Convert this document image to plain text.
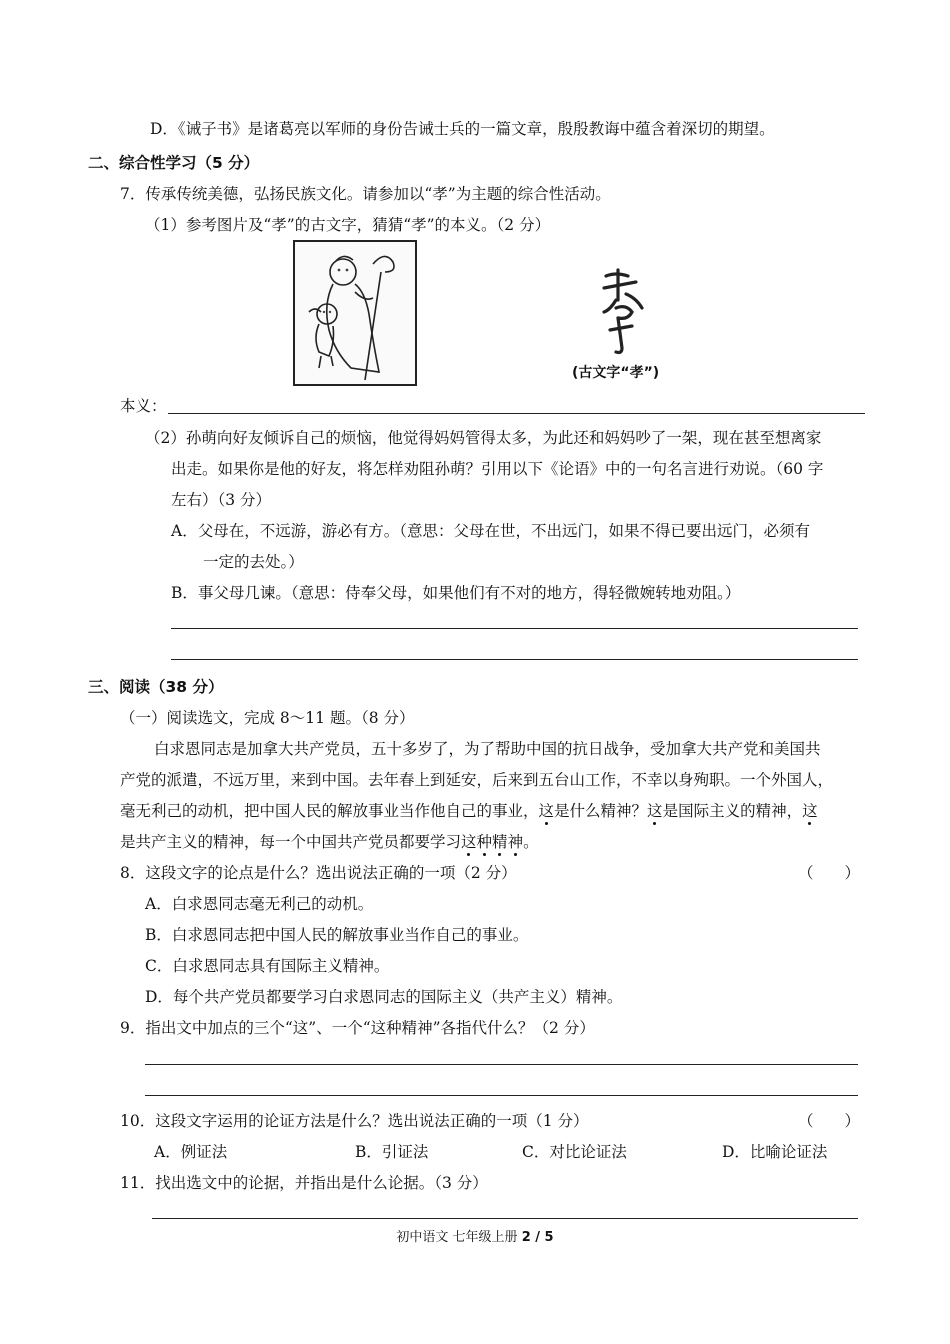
D．《诫子书》是诸葛亮以军师的身份告诫士兵的一篇文章，殷殷教诲中蕴含着深切的期望。
二、综合性学习（5 分）
7．传承传统美德，弘扬民族文化。请参加以“孝”为主题的综合性活动。
（1）参考图片及“孝”的古文字，猜猜“孝”的本义。（2 分）
(古文字“孝”)
本义：
（2）孙萌向好友倾诉自己的烦恼，他觉得妈妈管得太多，为此还和妈妈吵了一架，现在甚至想离家
出走。如果你是他的好友，将怎样劝阻孙萌？引用以下《论语》中的一句名言进行劝说。（60 字
左右）（3 分）
A．父母在，不远游，游必有方。（意思：父母在世，不出远门，如果不得已要出远门，必须有
一定的去处。）
B．事父母几谏。（意思：侍奉父母，如果他们有不对的地方，得轻微婉转地劝阻。）
三、阅读（38 分）
（一）阅读选文，完成 8～11 题。（8 分）
白求恩同志是加拿大共产党员，五十多岁了，为了帮助中国的抗日战争，受加拿大共产党和美国共
产党的派遣，不远万里，来到中国。去年春上到延安，后来到五台山工作，不幸以身殉职。一个外国人，
毫无利己的动机，把中国人民的解放事业当作他自己的事业，这是什么精神？这是国际主义的精神，这
是共产主义的精神，每一个中国共产党员都要学习这种精神。
8．这段文字的论点是什么？选出说法正确的一项（2 分）	（　　）
A．白求恩同志毫无利己的动机。
B．白求恩同志把中国人民的解放事业当作自己的事业。
C．白求恩同志具有国际主义精神。
D．每个共产党员都要学习白求恩同志的国际主义（共产主义）精神。
9．指出文中加点的三个“这”、一个“这种精神”各指代什么？（2 分）
10．这段文字运用的论证方法是什么？选出说法正确的一项（1 分）	（　　）
A．例证法	B．引证法	C．对比论证法	D．比喻论证法
11．找出选文中的论据，并指出是什么论据。（3 分）
初中语文 七年级上册 2 / 5
